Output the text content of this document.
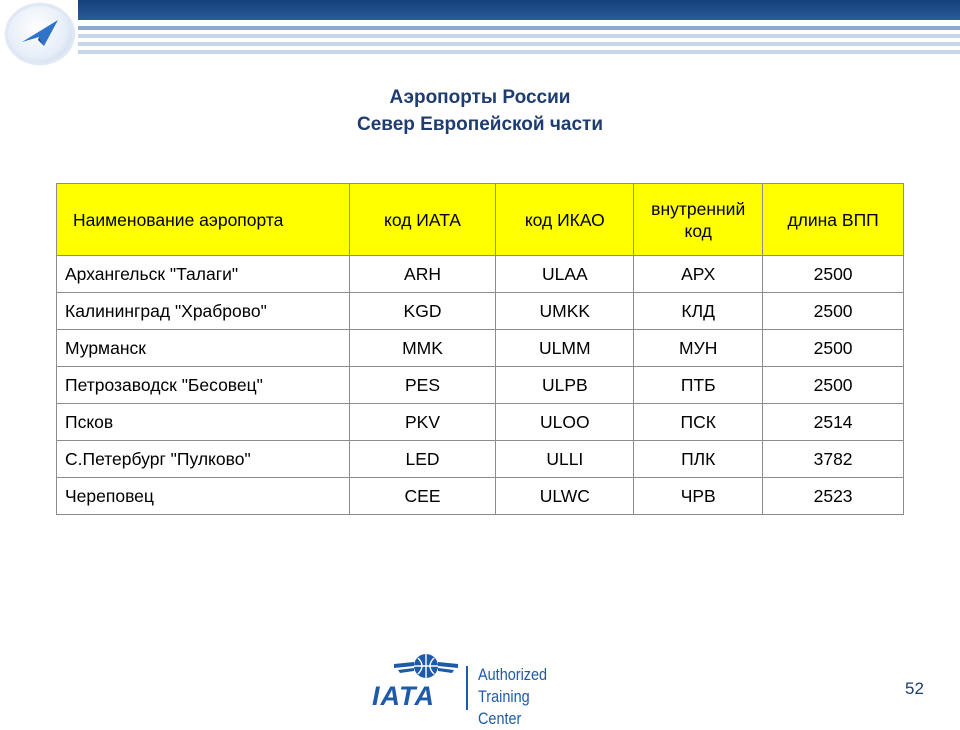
Аэропорты России
Север Европейской части
Наименование аэропорта	код ИАТА	код ИКАО	внутренний код	длина ВПП
Архангельск "Талаги"	ARH	ULAA	АРХ	2500
Калининград "Храброво"	KGD	UMKK	КЛД	2500
Мурманск	MMK	ULMM	МУН	2500
Петрозаводск "Бесовец"	PES	ULPB	ПТБ	2500
Псков	PKV	ULOO	ПСК	2514
С.Петербург "Пулково"	LED	ULLI	ПЛК	3782
Череповец	CEE	ULWC	ЧРВ	2523
IATA
Authorized
Training Center
52
